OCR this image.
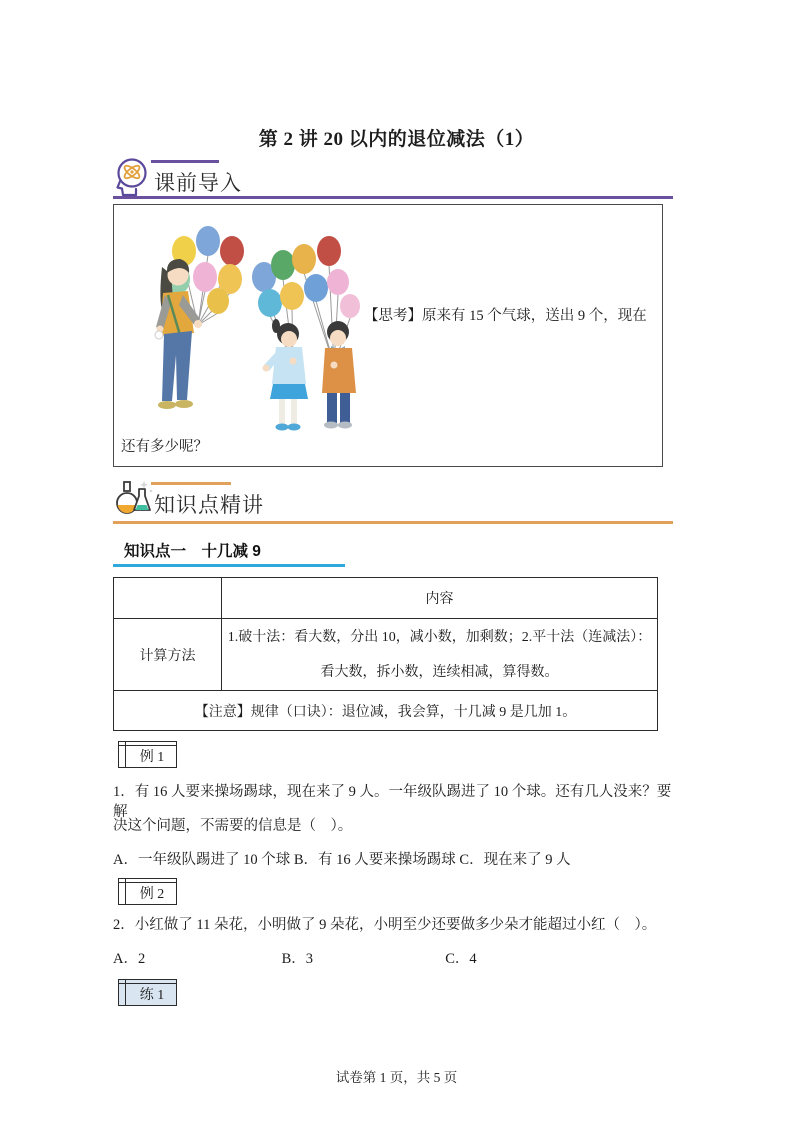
第 2 讲 20 以内的退位减法（1）
课前导入
【思考】原来有 15 个气球，送出 9 个，现在
还有多少呢？
知识点精讲
知识点一　十几减 9
	内容
计算方法	1.破十法：看大数，分出 10，减小数，加剩数；2.平十法（连减法）：
看大数，拆小数，连续相减，算得数。

【注意】规律（口诀）：退位减，我会算，十几减 9 是几加 1。	
例 1
1．有 16 人要来操场踢球，现在来了 9 人。一年级队踢进了 10 个球。还有几人没来？要解
决这个问题，不需要的信息是（　）。
A．一年级队踢进了 10 个球 B．有 16 人要来操场踢球 C．现在来了 9 人
例 2
2．小红做了 11 朵花，小明做了 9 朵花，小明至少还要做多少朵才能超过小红（　）。
A．2	B．3	C．4
练 1
试卷第 1 页，共 5 页
